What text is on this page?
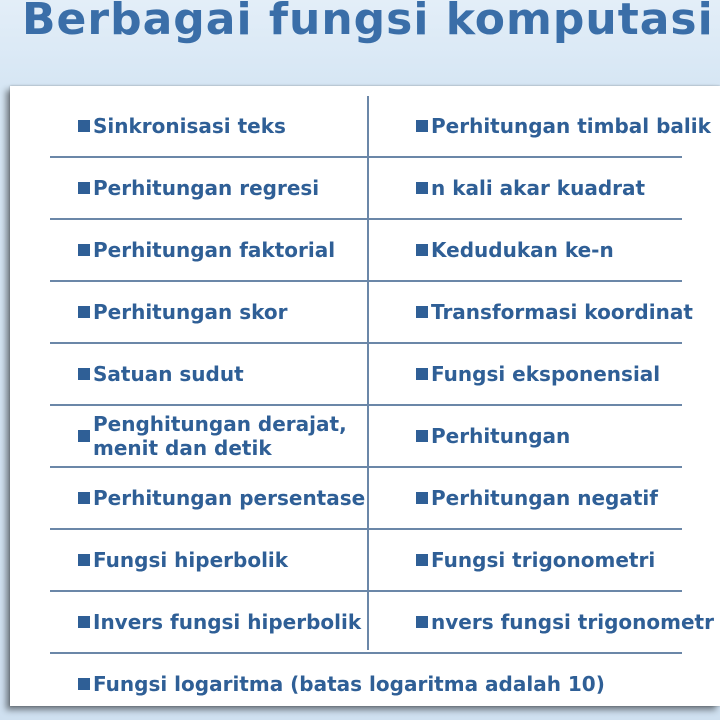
Berbagai fungsi komputasi
Sinkronisasi teks	Perhitungan timbal balik
Perhitungan regresi	n kali akar kuadrat
Perhitungan faktorial	Kedudukan ke-n
Perhitungan skor	Transformasi koordinat
Satuan sudut	Fungsi eksponensial
Penghitungan derajat,
menit dan detik	Perhitungan
Perhitungan persentase	Perhitungan negatif
Fungsi hiperbolik	Fungsi trigonometri
Invers fungsi hiperbolik	nvers fungsi trigonometr
Fungsi logaritma (batas logaritma adalah 10)
